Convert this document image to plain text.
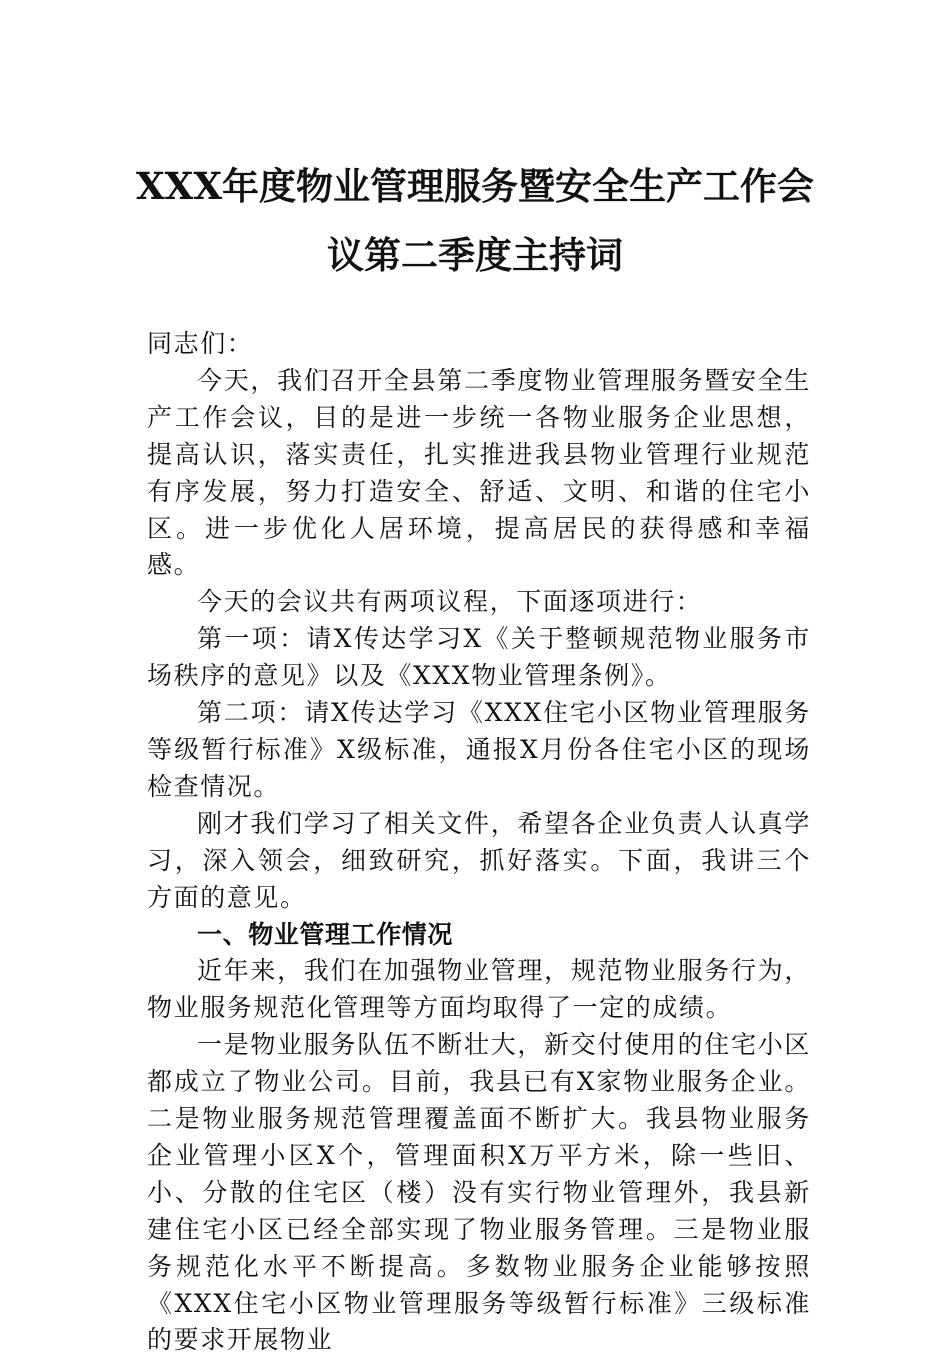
XXX年度物业管理服务暨安全生产工作会
议第二季度主持词

同志们：

今天，我们召开全县第二季度物业管理服务暨安全生产工作会议，目的是进一步统一各物业服务企业思想，提高认识，落实责任，扎实推进我县物业管理行业规范有序发展，努力打造安全、舒适、文明、和谐的住宅小区。进一步优化人居环境，提高居民的获得感和幸福感。

今天的会议共有两项议程，下面逐项进行：

第一项：请X传达学习X《关于整顿规范物业服务市场秩序的意见》以及《XXX物业管理条例》。

第二项：请X传达学习《XXX住宅小区物业管理服务等级暂行标准》X级标准，通报X月份各住宅小区的现场检查情况。

刚才我们学习了相关文件，希望各企业负责人认真学习，深入领会，细致研究，抓好落实。下面，我讲三个方面的意见。

一、物业管理工作情况

近年来，我们在加强物业管理，规范物业服务行为，物业服务规范化管理等方面均取得了一定的成绩。

一是物业服务队伍不断壮大，新交付使用的住宅小区都成立了物业公司。目前，我县已有X家物业服务企业。二是物业服务规范管理覆盖面不断扩大。我县物业服务企业管理小区X个，管理面积X万平方米，除一些旧、小、分散的住宅区（楼）没有实行物业管理外，我县新建住宅小区已经全部实现了物业服务管理。三是物业服务规范化水平不断提高。多数物业服务企业能够按照《XXX住宅小区物业管理服务等级暂行标准》三级标准的要求开展物业
